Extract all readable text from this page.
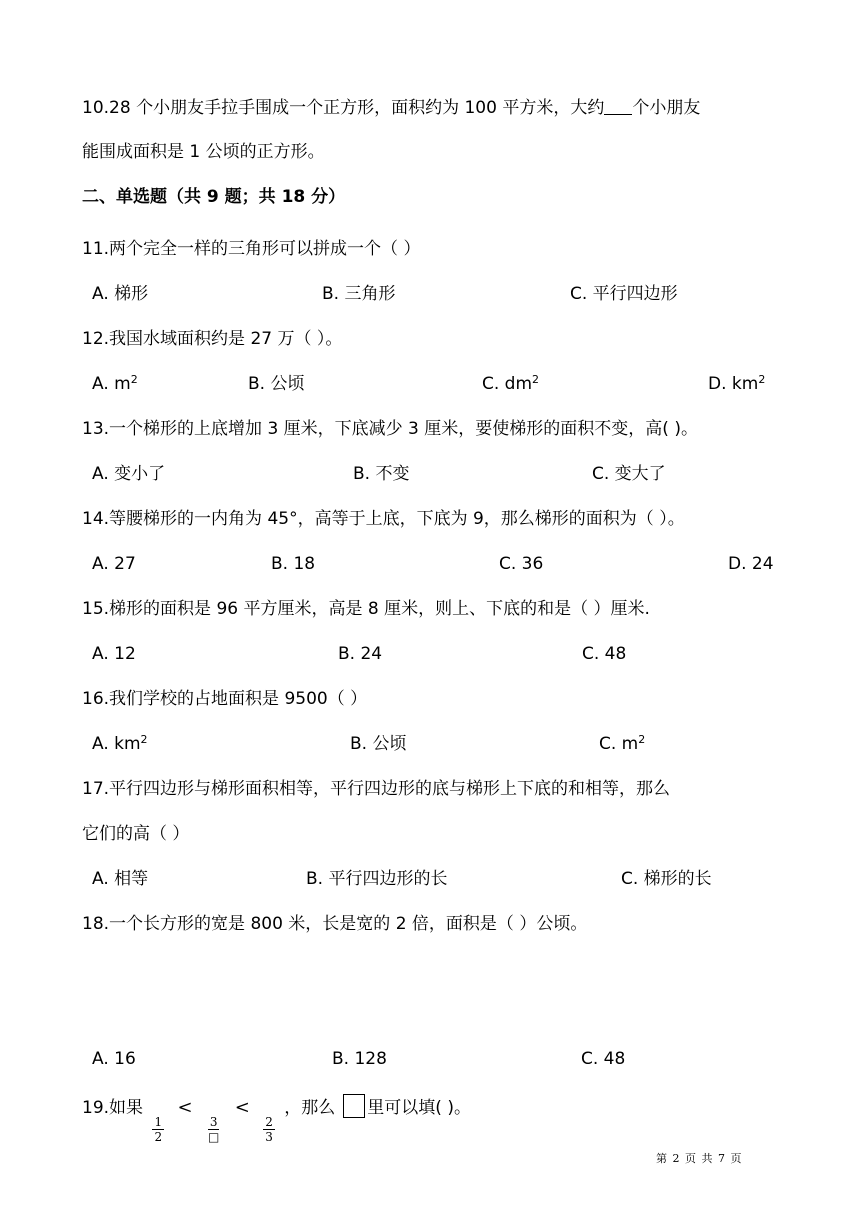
10.28 个小朋友手拉手围成一个正方形，面积约为 100 平方米，大约 个小朋友
能围成面积是 1 公顷的正方形。
二、单选题（共 9 题；共 18 分）
11.两个完全一样的三角形可以拼成一个（ ）
A. 梯形	B. 三角形	C. 平行四边形
12.我国水域面积约是 27 万（ ）。
A. $m^2$	B. 公顷	C. $dm^2$	D. $km^2$
13.一个梯形的上底增加 3 厘米，下底减少 3 厘米，要使梯形的面积不变，高( )。
A. 变小了	B. 不变	C. 变大了
14.等腰梯形的一内角为 45°，高等于上底，下底为 9，那么梯形的面积为（ ）。
A. 27	B. 18	C. 36	D. 24
15.梯形的面积是 96 平方厘米，高是 8 厘米，则上、下底的和是（ ）厘米.
A. 12	B. 24	C. 48
16.我们学校的占地面积是 9500（ ）
A. $km^2$	B. 公顷	C. $m^2$
17.平行四边形与梯形面积相等，平行四边形的底与梯形上下底的和相等，那么
它们的高（ ）
A. 相等	B. 平行四边形的长	C. 梯形的长
18.一个长方形的宽是 800 米，长是宽的 2 倍，面积是（ ）公顷。
A. 16	B. 128	C. 48
19.如果
$\frac{1}{2}$
<
$\frac{3}{□}$
<
$\frac{2}{3}$
，那么 里可以填( )。
第 2 页 共 7 页
